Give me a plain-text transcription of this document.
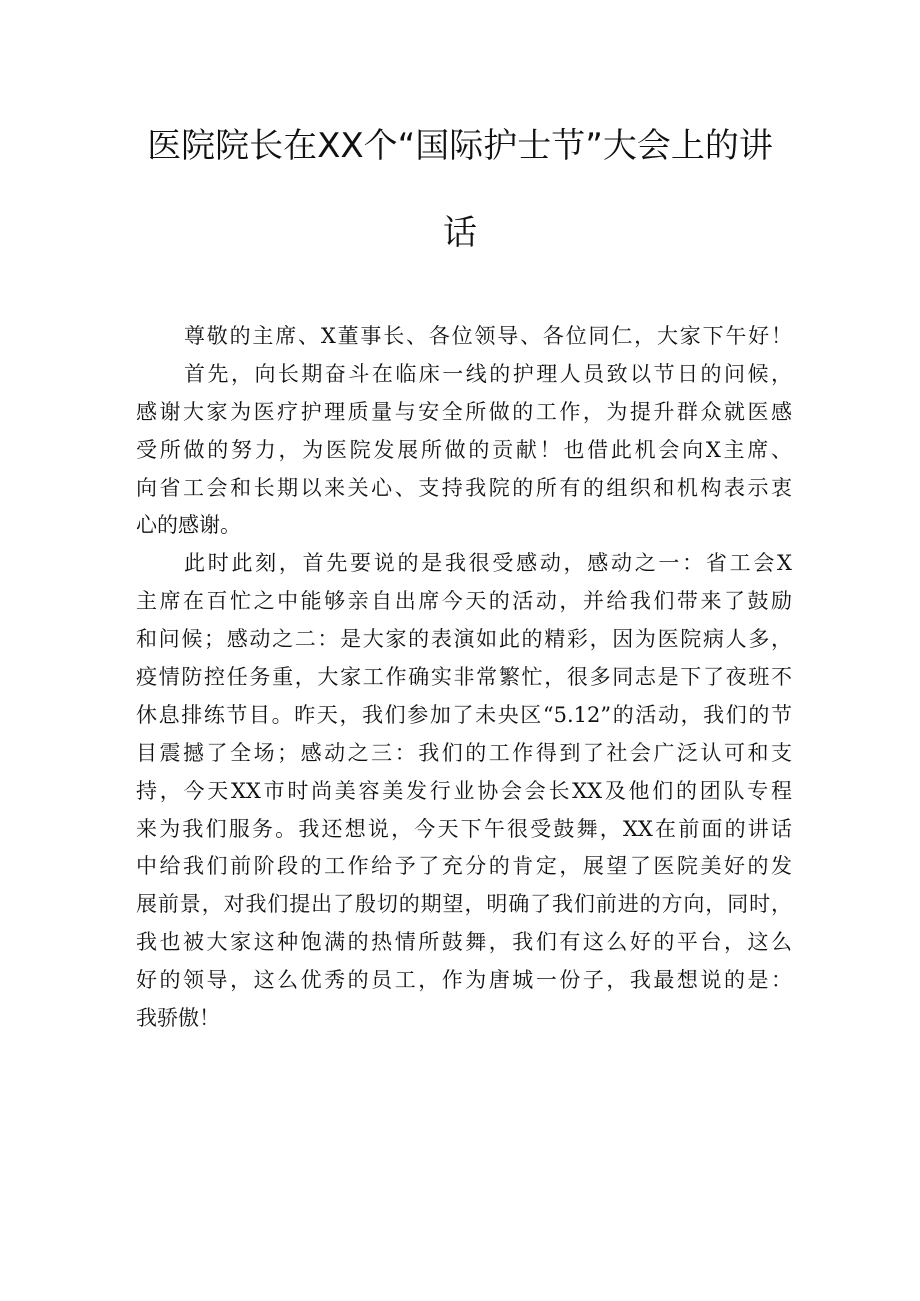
医院院长在XX个“国际护士节”大会上的讲
话
尊敬的主席、X董事长、各位领导、各位同仁，大家下午好！
首先，向长期奋斗在临床一线的护理人员致以节日的问候，
感谢大家为医疗护理质量与安全所做的工作，为提升群众就医感
受所做的努力，为医院发展所做的贡献！也借此机会向X主席、
向省工会和长期以来关心、支持我院的所有的组织和机构表示衷
心的感谢。
此时此刻，首先要说的是我很受感动，感动之一：省工会X
主席在百忙之中能够亲自出席今天的活动，并给我们带来了鼓励
和问候；感动之二：是大家的表演如此的精彩，因为医院病人多，
疫情防控任务重，大家工作确实非常繁忙，很多同志是下了夜班不
休息排练节目。昨天，我们参加了未央区“5.12”的活动，我们的节
目震撼了全场；感动之三：我们的工作得到了社会广泛认可和支
持，今天XX市时尚美容美发行业协会会长XX及他们的团队专程
来为我们服务。我还想说，今天下午很受鼓舞，XX在前面的讲话
中给我们前阶段的工作给予了充分的肯定，展望了医院美好的发
展前景，对我们提出了殷切的期望，明确了我们前进的方向，同时，
我也被大家这种饱满的热情所鼓舞，我们有这么好的平台，这么
好的领导，这么优秀的员工，作为唐城一份子，我最想说的是：
我骄傲！
